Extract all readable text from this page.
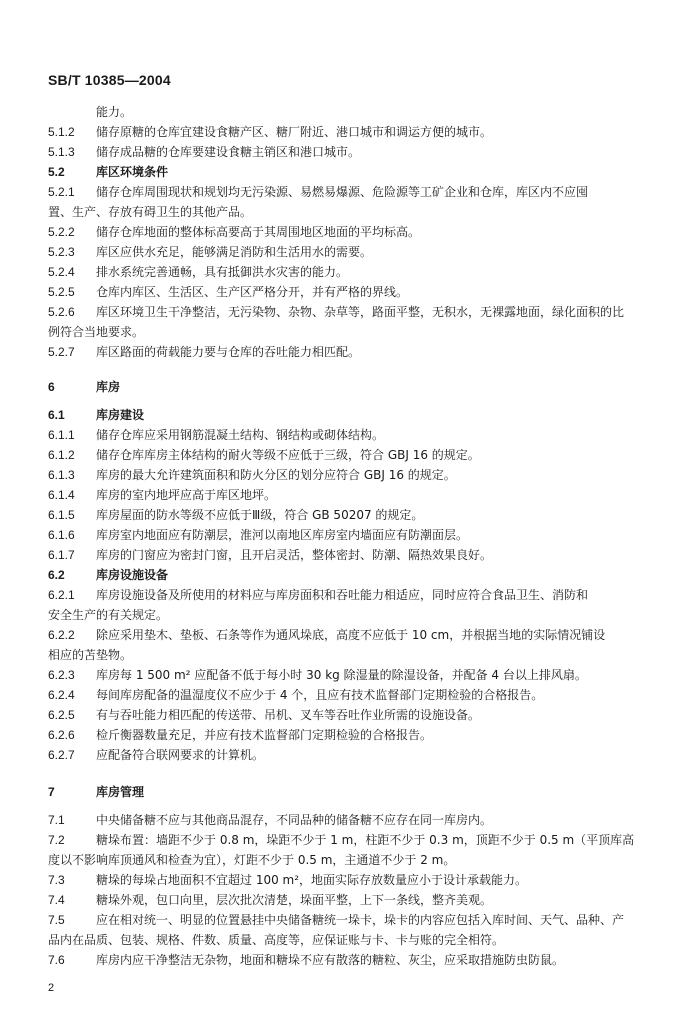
SB/T 10385—2004
能力。
5.1.2 储存原糖的仓库宜建设食糖产区、糖厂附近、港口城市和调运方便的城市。
5.1.3 储存成品糖的仓库要建设食糖主销区和港口城市。
5.2	库区环境条件
5.2.1 储存仓库周围现状和规划均无污染源、易燃易爆源、危险源等工矿企业和仓库，库区内不应囤
置、生产、存放有碍卫生的其他产品。
5.2.2 储存仓库地面的整体标高要高于其周围地区地面的平均标高。
5.2.3 库区应供水充足，能够满足消防和生活用水的需要。
5.2.4 排水系统完善通畅，具有抵御洪水灾害的能力。
5.2.5 仓库内库区、生活区、生产区严格分开，并有严格的界线。
5.2.6 库区环境卫生干净整洁，无污染物、杂物、杂草等，路面平整，无积水，无裸露地面，绿化面积的比
例符合当地要求。
5.2.7 库区路面的荷载能力要与仓库的吞吐能力相匹配。
6	库房
6.1	库房建设
6.1.1 储存仓库应采用钢筋混凝土结构、钢结构或砌体结构。
6.1.2 储存仓库库房主体结构的耐火等级不应低于三级，符合 GBJ 16 的规定。
6.1.3 库房的最大允许建筑面积和防火分区的划分应符合 GBJ 16 的规定。
6.1.4 库房的室内地坪应高于库区地坪。
6.1.5 库房屋面的防水等级不应低于Ⅲ级，符合 GB 50207 的规定。
6.1.6 库房室内地面应有防潮层，淮河以南地区库房室内墙面应有防潮面层。
6.1.7 库房的门窗应为密封门窗，且开启灵活，整体密封、防潮、隔热效果良好。
6.2	库房设施设备
6.2.1 库房设施设备及所使用的材料应与库房面积和吞吐能力相适应，同时应符合食品卫生、消防和
安全生产的有关规定。
6.2.2 除应采用垫木、垫板、石条等作为通风垛底，高度不应低于 10 cm，并根据当地的实际情况铺设
相应的苫垫物。
6.2.3 库房每 1 500 m² 应配备不低于每小时 30 kg 除湿量的除湿设备，并配备 4 台以上排风扇。
6.2.4 每间库房配备的温湿度仪不应少于 4 个，且应有技术监督部门定期检验的合格报告。
6.2.5 有与吞吐能力相匹配的传送带、吊机、叉车等吞吐作业所需的设施设备。
6.2.6 检斤衡器数量充足，并应有技术监督部门定期检验的合格报告。
6.2.7 应配备符合联网要求的计算机。
7	库房管理
7.1	中央储备糖不应与其他商品混存，不同品种的储备糖不应存在同一库房内。
7.2	糖垛布置：墙距不少于 0.8 m，垛距不少于 1 m，柱距不少于 0.3 m，顶距不少于 0.5 m（平顶库高
度以不影响库顶通风和检查为宜），灯距不少于 0.5 m，主通道不少于 2 m。
7.3	糖垛的每垛占地面积不宜超过 100 m²，地面实际存放数量应小于设计承载能力。
7.4	糖垛外观，包口向里，层次批次清楚，垛面平整，上下一条线，整齐美观。
7.5	应在相对统一、明显的位置悬挂中央储备糖统一垛卡，垛卡的内容应包括入库时间、天气、品种、产
品内在品质、包装、规格、件数、质量、高度等，应保证账与卡、卡与账的完全相符。
7.6	库房内应干净整洁无杂物，地面和糖垛不应有散落的糖粒、灰尘，应采取措施防虫防鼠。
2
